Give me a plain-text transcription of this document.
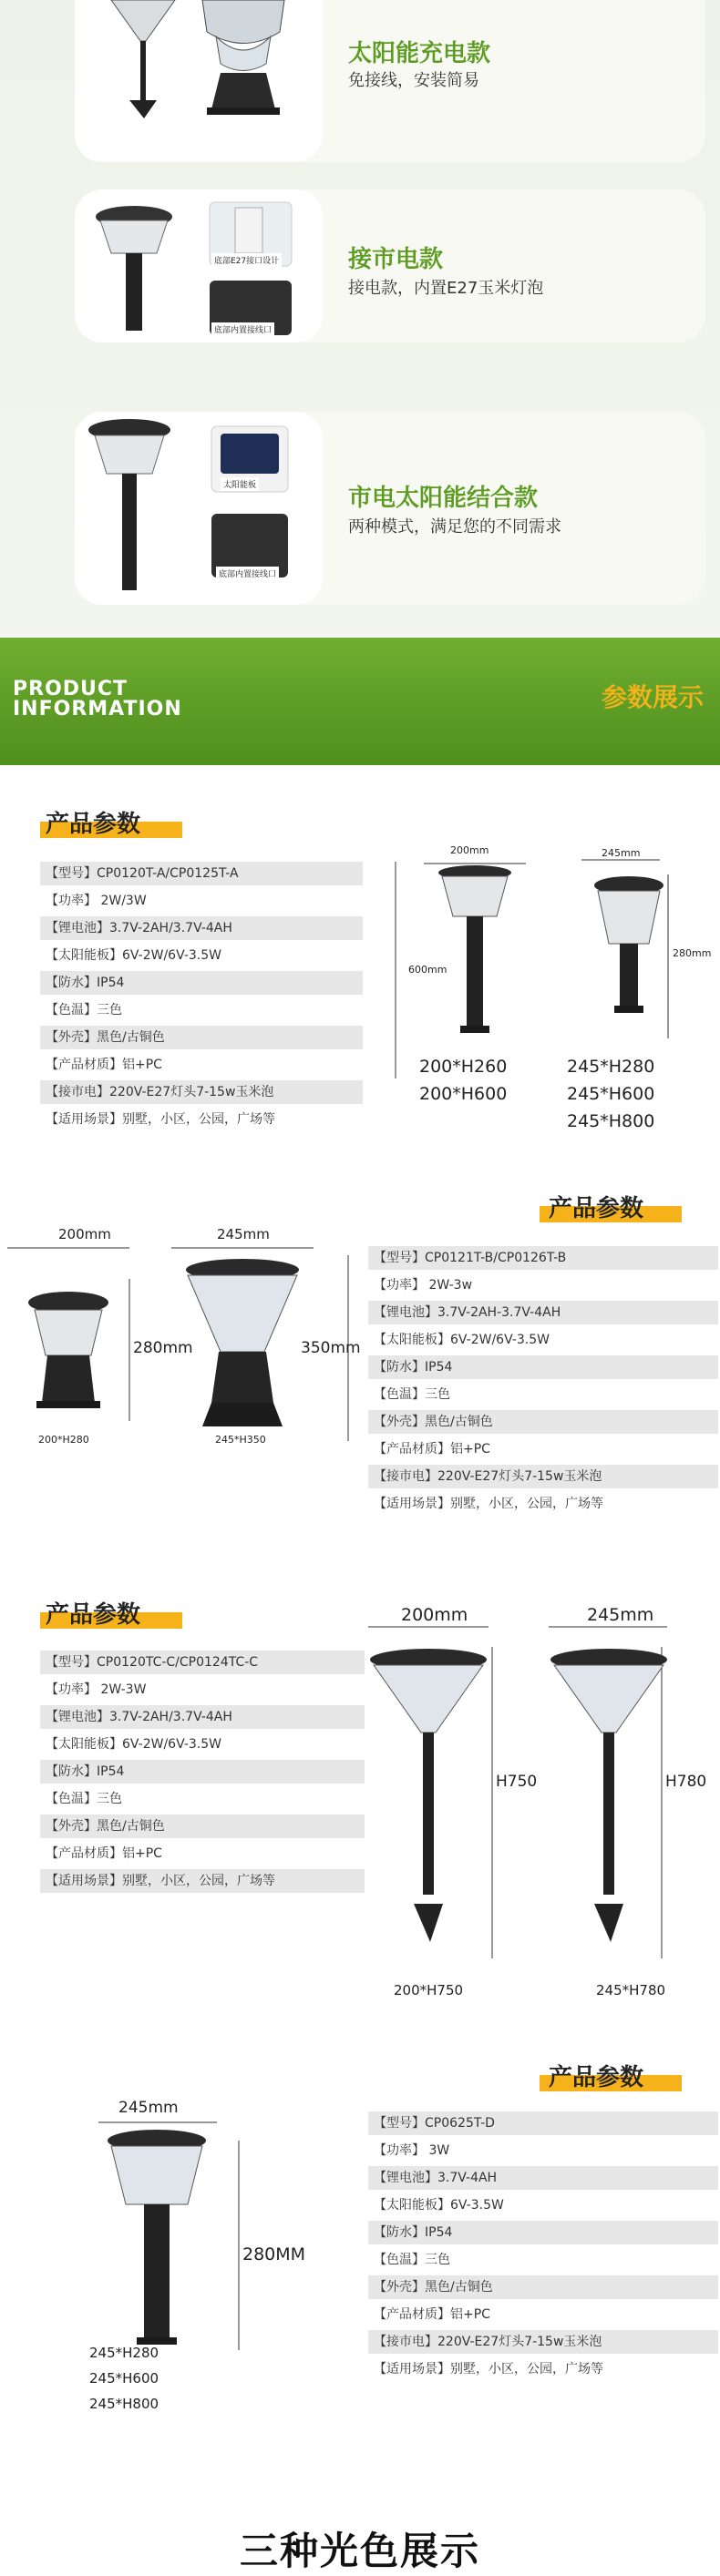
太阳能充电款
免接线，安装简易
底部E27接口设计
底部内置接线口
接市电款
接电款，内置E27玉米灯泡
太阳能板
底部内置接线口
市电太阳能结合款
两种模式，满足您的不同需求
PRODUCT
INFORMATION	参数展示
产品参数
【型号】CP0120T-A/CP0125T-A
【功率】 2W/3W
【锂电池】3.7V-2AH/3.7V-4AH
【太阳能板】6V-2W/6V-3.5W
【防水】IP54
【色温】三色
【外壳】黑色/古铜色
【产品材质】铝+PC
【接市电】220V-E27灯头7-15w玉米泡
【适用场景】别墅，小区，公园，广场等
200mm
600mm
245mm
280mm
200*H260
200*H600
245*H280
245*H600
245*H800
产品参数
200mm
280mm
245mm
350mm
200*H280	245*H350
【型号】CP0121T-B/CP0126T-B
【功率】 2W-3w
【锂电池】3.7V-2AH-3.7V-4AH
【太阳能板】6V-2W/6V-3.5W
【防水】IP54
【色温】三色
【外壳】黑色/古铜色
【产品材质】铝+PC
【接市电】220V-E27灯头7-15w玉米泡
【适用场景】别墅，小区，公园，广场等
产品参数
【型号】CP0120TC-C/CP0124TC-C
【功率】 2W-3W
【锂电池】3.7V-2AH/3.7V-4AH
【太阳能板】6V-2W/6V-3.5W
【防水】IP54
【色温】三色
【外壳】黑色/古铜色
【产品材质】铝+PC
【适用场景】别墅，小区，公园，广场等
200mm
H750
245mm
H780
200*H750	245*H780
产品参数
245mm
280MM
245*H280
245*H600
245*H800
【型号】CP0625T-D
【功率】 3W
【锂电池】3.7V-4AH
【太阳能板】6V-3.5W
【防水】IP54
【色温】三色
【外壳】黑色/古铜色
【产品材质】铝+PC
【接市电】220V-E27灯头7-15w玉米泡
【适用场景】别墅，小区，公园，广场等
三种光色展示
